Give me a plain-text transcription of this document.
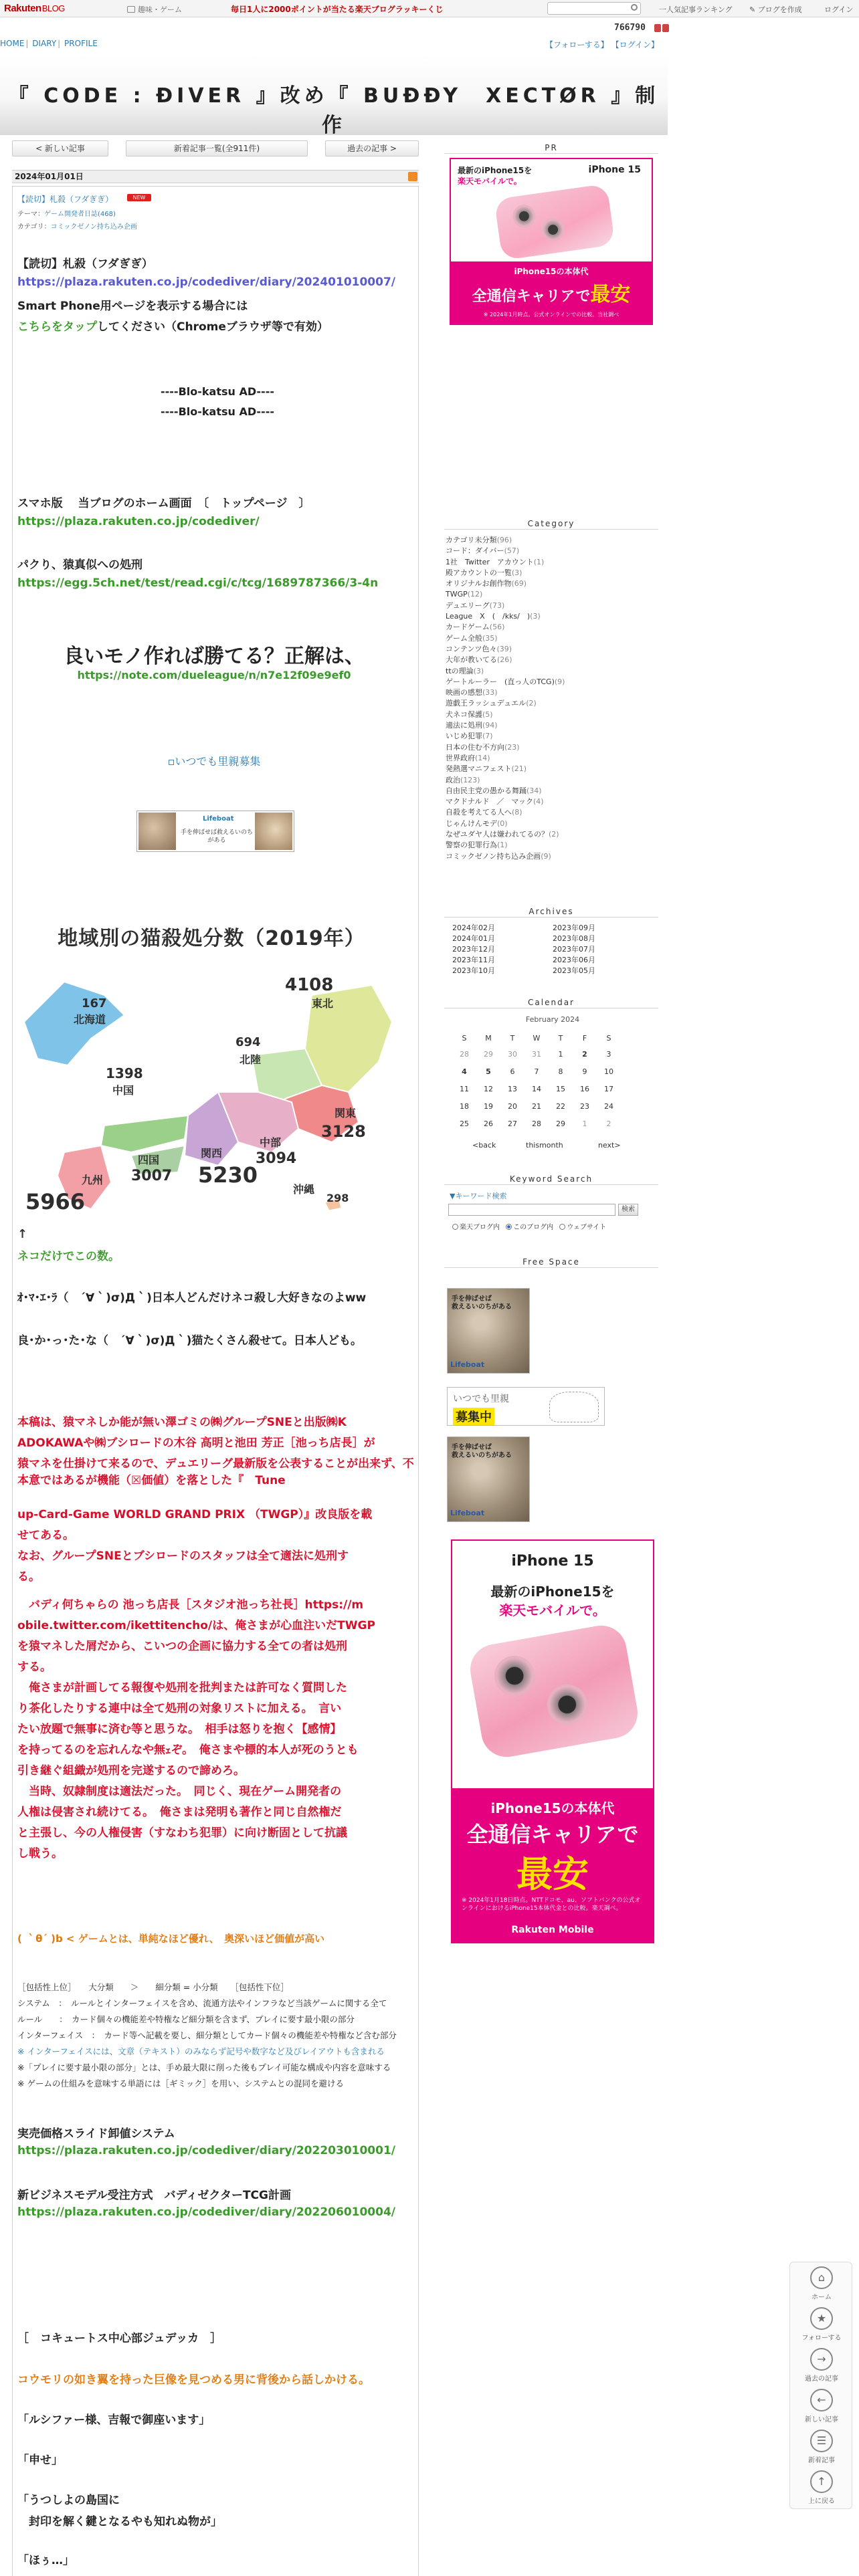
RakutenBLOG	趣味・ゲーム	毎日1人に2000ポイントが当たる楽天ブログラッキーくじ	一人気記事ランキング ✎ ブログを作成	ログイン
766790
HOME | DIARY | PROFILE	【フォローする】 【ログイン】
『 CODE : ÐIVER 』改め『 BUÐÐY　XECTØR 』制作
< 新しい記事	新着記事一覧(全911件)	過去の記事 >
2024年01月01日
【読切】札殺（フダぎぎ）	NEW
テーマ：ゲーム開発者日誌(468)
カテゴリ：コミックゼノン持ち込み企画
【読切】札殺（フダぎぎ）
https://plaza.rakuten.co.jp/codediver/diary/202401010007/
Smart Phone用ページを表示する場合には
こちらをタップしてください（Chromeブラウザ等で有効）
----Blo-katsu AD----
----Blo-katsu AD----
スマホ版　 当ブログのホーム画面　〔　トップページ　〕
https://plaza.rakuten.co.jp/codediver/
パクり、猿真似への処刑
https://egg.5ch.net/test/read.cgi/c/tcg/1689787366/3-4n
良いモノ作れば勝てる？正解は、
https://note.com/dueleague/n/n7e12f09e9ef0
▫いつでも里親募集
Lifeboat
手を伸ばせば救えるいのちがある
地域別の猫殺処分数（2019年）
167
北海道
4108
東北
694
北陸
1398
中国
3128
関東
3094
中部
5230
関西
3007
四国
5966
九州
298
沖縄
↑
ネコだけでこの数。
ｵ･ﾏ･ｴ･ﾗ（　´∀｀)σ)Д｀)日本人どんだけネコ殺し大好きなのよww
良･か･っ･た･な（　´∀｀)σ)Д｀)猫たくさん殺せて。日本人ども。
本稿は、猿マネしか能が無い澤ゴミの㈱グループSNEと出版㈱K
ADOKAWAや㈱ブシロードの木谷 高明と池田 芳正［池っち店長］が
猿マネを仕掛けて来るので、デュエリーグ最新版を公表することが出来ず、不本意ではあるが機能（☒価値）を落とした『　Tune
up-Card-Game WORLD GRAND PRIX （TWGP）』改良版を載
せてある。
なお、グループSNEとブシロードのスタッフは全て適法に処刑す
る。
　バディ何ちゃらの 池っち店長［スタジオ池っち社長］https://m
obile.twitter.com/ikettitencho/は、俺さまが心血注いだTWGP
を猿マネした屑だから、こいつの企画に協力する全ての者は処刑
する。
　俺さまが計画してる報復や処刑を批判または許可なく質問した
り茶化したりする連中は全て処刑の対象リストに加える。　言い
たい放題で無事に済む等と思うな。　相手は怒りを抱く【感情】
を持ってるのを忘れんなや無ｪぞ。　俺さまや標的本人が死のうとも
引き継ぐ組織が処刑を完遂するので諦めろ。
　当時、奴隷制度は適法だった。　同じく、現在ゲーム開発者の
人権は侵害され続けてる。　俺さまは発明も著作と同じ自然権だ
と主張し、今の人権侵害（すなわち犯罪）に向け断固として抗議
し戦う。
( ｀θ´ )b < ゲームとは、単純なほど優れ、　奥深いほど価値が高い
［包括性上位］　　大分類　　＞　　細分類 = 小分類　　［包括性下位］
システム　：　ルールとインターフェイスを含め、流通方法やインフラなど当該ゲームに関する全て
ルール　　：　カード個々の機能差や特権など細分類を含まず、プレイに要す最小限の部分
インターフェイス　：　カード等へ記載を要し、細分類としてカード個々の機能差や特権など含む部分
※ インターフェイスには、文章（テキスト）のみならず記号や数字など及びレイアウトも含まれる
※「プレイに要す最小限の部分」とは、手め最大限に削った後もプレイ可能な構成や内容を意味する
※ ゲームの仕組みを意味する単語には［ギミック］を用い、システムとの混同を避ける
実売価格スライド卸値システム
https://plaza.rakuten.co.jp/codediver/diary/202203010001/
新ビジネスモデル受注方式　バディゼクターTCG計画
https://plaza.rakuten.co.jp/codediver/diary/202206010004/
［　コキュートス中心部ジュデッカ　］
コウモリの如き翼を持った巨像を見つめる男に背後から話しかける。
「ルシファー様、吉報で御座います」
「申せ」
「うつしよの島国に
　封印を解く鍵となるやも知れぬ物が」
「ほぅ…」
PR
最新のiPhone15を
楽天モバイルで。
iPhone 15
iPhone15の本体代
全通信キャリアで最安
※ 2024年1月時点。公式オンラインでの比較。当社調べ
Category
カテゴリ未分類(96)
コード：ダイバー(57)
1社　Twitter　アカウント(1)
殿アカウントの一覧(3)
オリジナルお創作物(69)
TWGP(12)
デュエリーグ(73)
League　X　(　/kks/　)(3)
カードゲーム(56)
ゲーム全般(35)
コンテンツ色々(39)
大年が教いてる(26)
ttの理論(3)
ゲートルーラー　(直っ人のTCG)(9)
映画の感想(33)
遊戯王ラッシュデュエル(2)
犬ネコ保護(5)
適法に処刑(94)
いじめ犯罪(7)
日本の住む不方向(23)
世界政府(14)
発熱選マニフェスト(21)
政治(123)
自由民主党の愚かる舞踊(34)
マクドナルド　／　マック(4)
自殺を考えてる人へ(8)
じゃんけんモデ(0)
なぜユダヤ人は嫌われてるの？(2)
警察の犯罪行為(1)
コミックゼノン持ち込み企画(9)
Archives
2024年02月	2023年09月
2024年01月	2023年08月
2023年12月	2023年07月
2023年11月	2023年06月
2023年10月	2023年05月
Calendar
February 2024
S	M	T	W	T	F	S
28	29	30	31	1	2	3
4	5	6	7	8	9	10
11	12	13	14	15	16	17
18	19	20	21	22	23	24
25	26	27	28	29	1	2
<back	thismonth	next>
Keyword Search
▼キーワード検索
検索
楽天ブログ内 このブログ内 ウェブサイト
Free Space
手を伸ばせば
救えるいのちがある
Lifeboat
いつでも里親
募集中
手を伸ばせば
救えるいのちがある
Lifeboat
iPhone 15
最新のiPhone15を
楽天モバイルで。
iPhone15の本体代
全通信キャリアで
最安
※ 2024年1月18日時点。NTTドコモ、au、ソフトバンクの公式オンラインにおけるiPhone15本体代金との比較。楽天調べ。
Rakuten Mobile
⌂
ホーム
★
フォローする
→
過去の記事
←
新しい記事
☰
新着記事
↑
上に戻る
